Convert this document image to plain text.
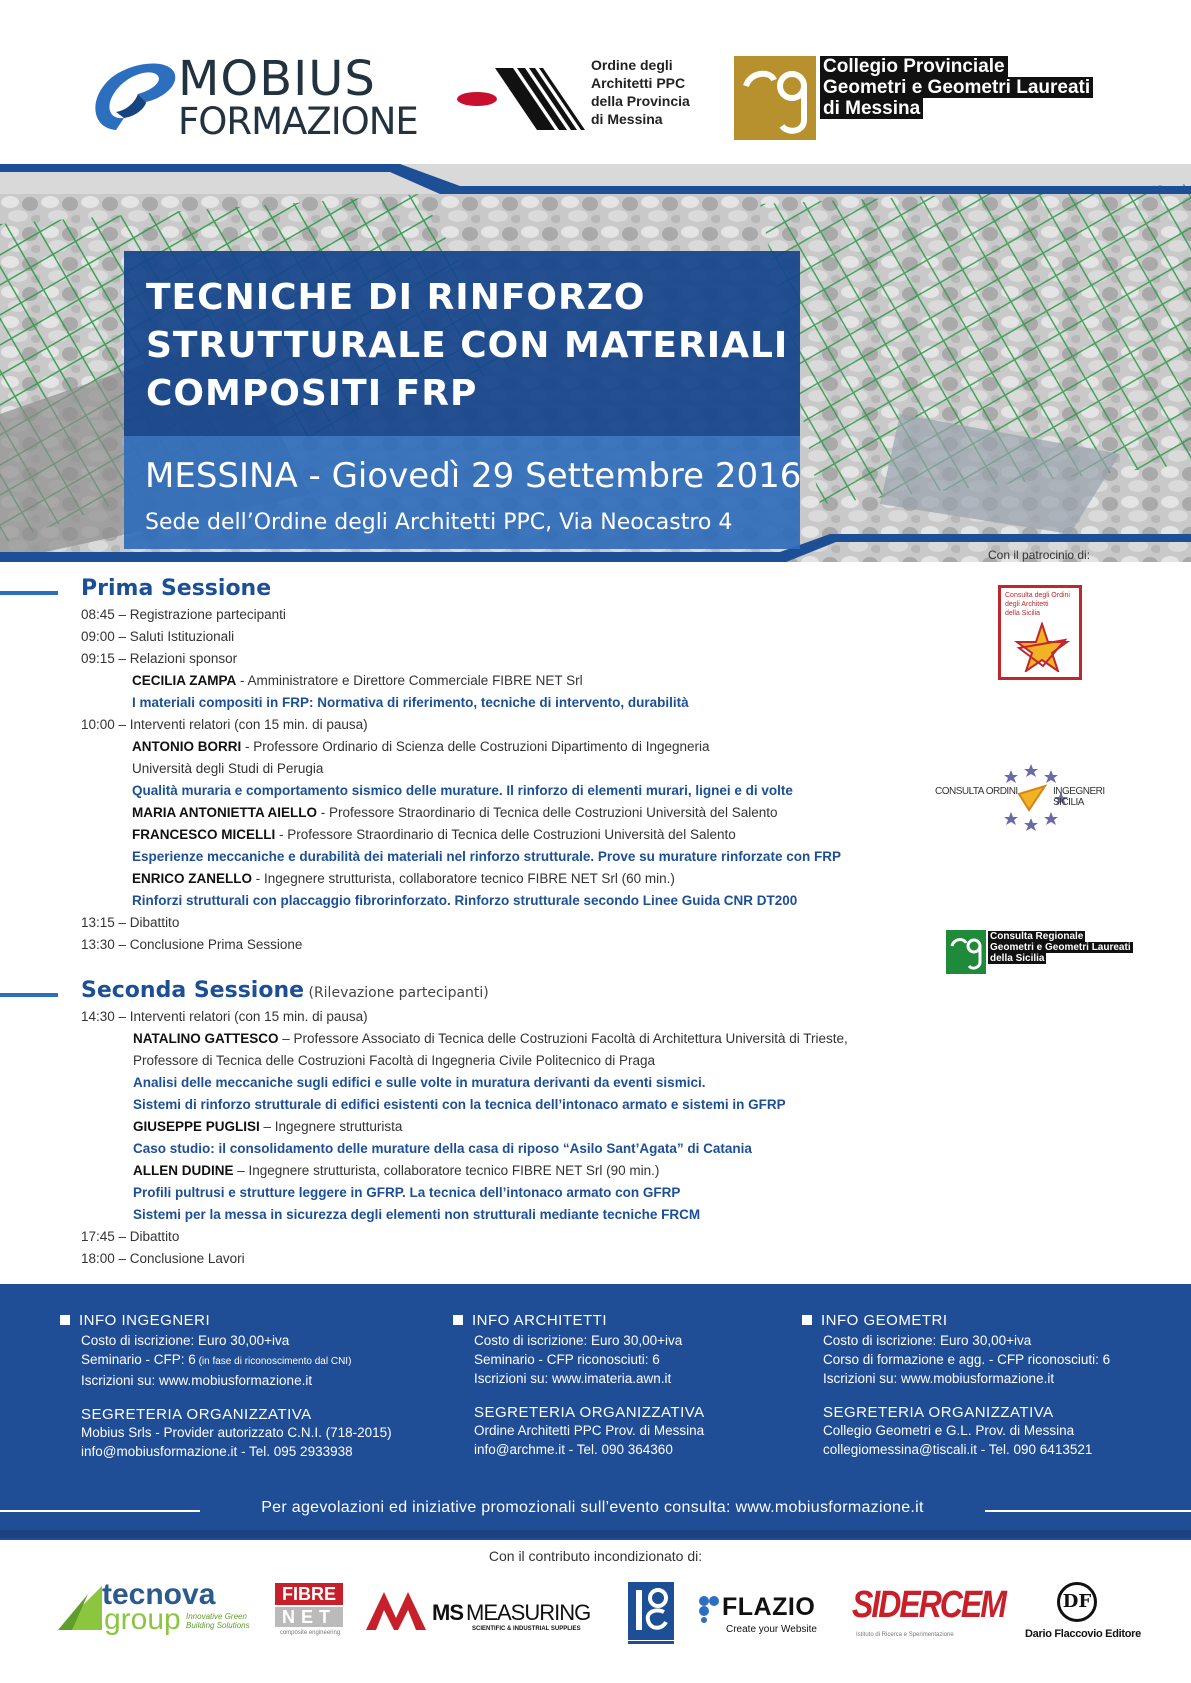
MOBIUS
FORMAZIONE
Ordine degli
Architetti PPC
della Provincia
di Messina
Collegio Provinciale
Geometri e Geometri Laureati
di Messina
TECNICHE DI RINFORZO
STRUTTURALE CON MATERIALI
COMPOSITI FRP
MESSINA - Giovedì 29 Settembre 2016
Sede dell’Ordine degli Architetti PPC, Via Neocastro 4
Con il patrocinio di:
Consulta degli Ordini
degli Architetti
della Sicilia
CONSULTA ORDINI	INGEGNERI SICILIA
Consulta Regionale
Geometri e Geometri Laureati
della Sicilia
Prima Sessione
08:45 – Registrazione partecipanti
09:00 – Saluti Istituzionali
09:15 – Relazioni sponsor
CECILIA ZAMPA - Amministratore e Direttore Commerciale FIBRE NET Srl
I materiali compositi in FRP: Normativa di riferimento, tecniche di intervento, durabilità
10:00 – Interventi relatori (con 15 min. di pausa)
ANTONIO BORRI - Professore Ordinario di Scienza delle Costruzioni Dipartimento di Ingegneria
Università degli Studi di Perugia
Qualità muraria e comportamento sismico delle murature. Il rinforzo di elementi murari, lignei e di volte
MARIA ANTONIETTA AIELLO - Professore Straordinario di Tecnica delle Costruzioni Università del Salento
FRANCESCO MICELLI - Professore Straordinario di Tecnica delle Costruzioni Università del Salento
Esperienze meccaniche e durabilità dei materiali nel rinforzo strutturale. Prove su murature rinforzate con FRP
ENRICO ZANELLO - Ingegnere strutturista, collaboratore tecnico FIBRE NET Srl (60 min.)
Rinforzi strutturali con placcaggio fibrorinforzato. Rinforzo strutturale secondo Linee Guida CNR DT200
13:15 – Dibattito
13:30 – Conclusione Prima Sessione
Seconda Sessione (Rilevazione partecipanti)
14:30 – Interventi relatori (con 15 min. di pausa)
NATALINO GATTESCO – Professore Associato di Tecnica delle Costruzioni Facoltà di Architettura Università di Trieste,
Professore di Tecnica delle Costruzioni Facoltà di Ingegneria Civile Politecnico di Praga
Analisi delle meccaniche sugli edifici e sulle volte in muratura derivanti da eventi sismici.
Sistemi di rinforzo strutturale di edifici esistenti con la tecnica dell’intonaco armato e sistemi in GFRP
GIUSEPPE PUGLISI – Ingegnere strutturista
Caso studio: il consolidamento delle murature della casa di riposo “Asilo Sant’Agata” di Catania
ALLEN DUDINE – Ingegnere strutturista, collaboratore tecnico FIBRE NET Srl (90 min.)
Profili pultrusi e strutture leggere in GFRP. La tecnica dell’intonaco armato con GFRP
Sistemi per la messa in sicurezza degli elementi non strutturali mediante tecniche FRCM
17:45 – Dibattito
18:00 – Conclusione Lavori
INFO INGEGNERI
Costo di iscrizione: Euro 30,00+iva
Seminario - CFP: 6 (in fase di riconoscimento dal CNI)
Iscrizioni su: www.mobiusformazione.it
SEGRETERIA ORGANIZZATIVA
Mobius Srls - Provider autorizzato C.N.I. (718-2015)
info@mobiusformazione.it - Tel. 095 2933938
INFO ARCHITETTI
Costo di iscrizione: Euro 30,00+iva
Seminario - CFP riconosciuti: 6
Iscrizioni su: www.imateria.awn.it
SEGRETERIA ORGANIZZATIVA
Ordine Architetti PPC Prov. di Messina
info@archme.it - Tel. 090 364360
INFO GEOMETRI
Costo di iscrizione: Euro 30,00+iva
Corso di formazione e agg. - CFP riconosciuti: 6
Iscrizioni su: www.mobiusformazione.it
SEGRETERIA ORGANIZZATIVA
Collegio Geometri e G.L. Prov. di Messina
collegiomessina@tiscali.it - Tel. 090 6413521
Per agevolazioni ed iniziative promozionali sull’evento consulta: www.mobiusformazione.it
Con il contributo incondizionato di:
tecnova
group Innovative Green Building Solutions
FIBRE
NET
composite engineering
MS MEASURING
SCIENTIFIC & INDUSTRIAL SUPPLIES
FLAZIO
Create your Website
SIDERCEM
Istituto di Ricerca e Sperimentazione
DF
Dario Flaccovio Editore
